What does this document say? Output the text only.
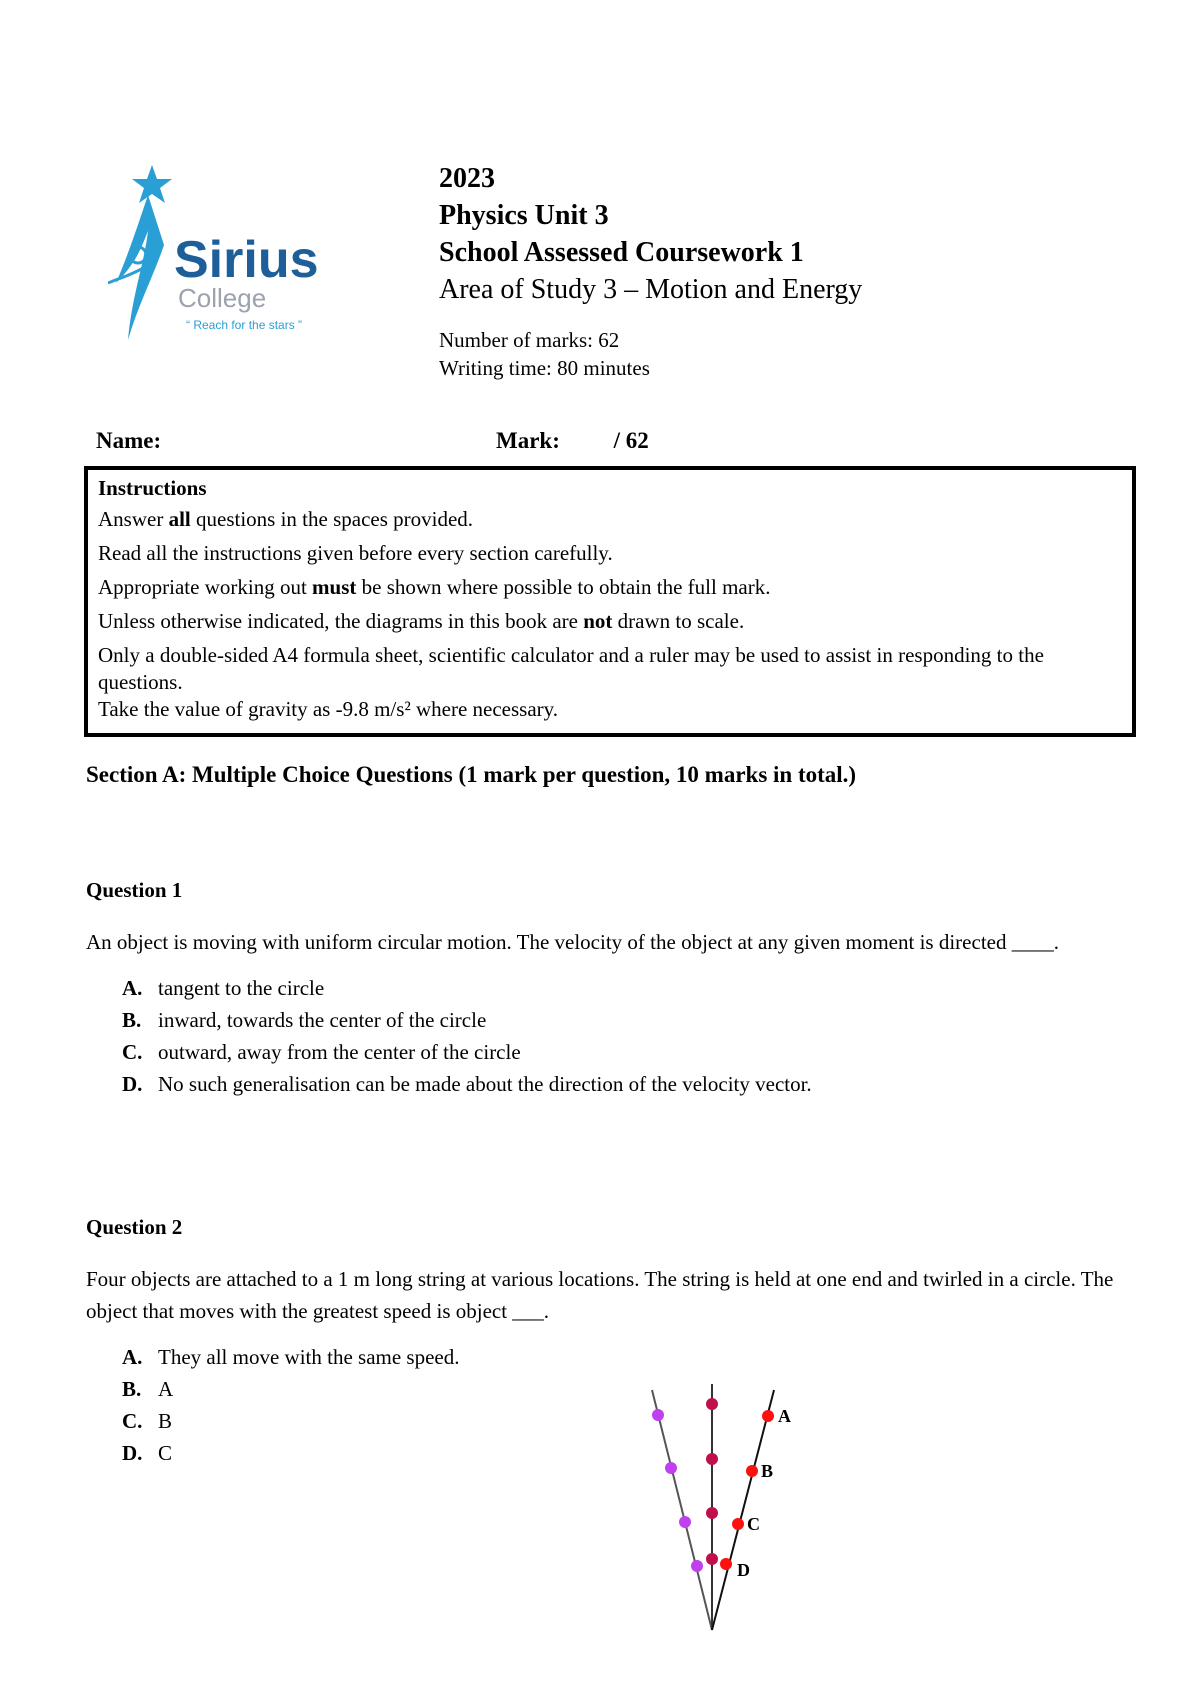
Sirius
College
“ Reach for the stars ”
2023
Physics Unit 3
School Assessed Coursework 1
Area of Study 3 – Motion and Energy
Number of marks: 62
Writing time: 80 minutes
Name:	Mark: / 62
Instructions

Answer all questions in the spaces provided.

Read all the instructions given before every section carefully.

Appropriate working out must be shown where possible to obtain the full mark.

Unless otherwise indicated, the diagrams in this book are not drawn to scale.

Only a double-sided A4 formula sheet, scientific calculator and a ruler may be used to assist in responding to the questions.

Take the value of gravity as -9.8 m/s² where necessary.

Section A: Multiple Choice Questions (1 mark per question, 10 marks in total.)
Question 1
An object is moving with uniform circular motion. The velocity of the object at any given moment is directed ____.
A. tangent to the circle
B. inward, towards the center of the circle
C. outward, away from the center of the circle
D. No such generalisation can be made about the direction of the velocity vector.
Question 2
Four objects are attached to a 1 m long string at various locations. The string is held at one end and twirled in a circle. The object that moves with the greatest speed is object ___.
A. They all move with the same speed.
B. A
C. B
D. C
A
B
C
D
